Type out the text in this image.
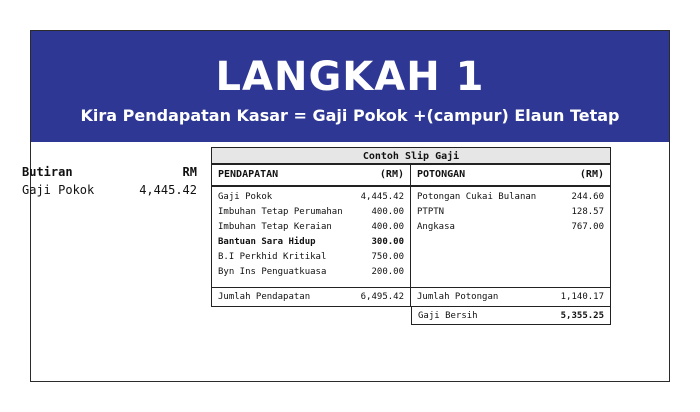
LANGKAH 1
Kira Pendapatan Kasar = Gaji Pokok +(campur) Elaun Tetap
Butiran	RM
Gaji Pokok	4,445.42
Contoh Slip Gaji
PENDAPATAN	(RM)
Gaji Pokok	4,445.42
Imbuhan Tetap Perumahan	400.00
Imbuhan Tetap Keraian	400.00
Bantuan Sara Hidup	300.00
B.I Perkhid Kritikal	750.00
Byn Ins Penguatkuasa	200.00
Jumlah Pendapatan	6,495.42
POTONGAN	(RM)
Potongan Cukai Bulanan	244.60
PTPTN	128.57
Angkasa	767.00
Jumlah Potongan	1,140.17
Gaji Bersih	5,355.25
